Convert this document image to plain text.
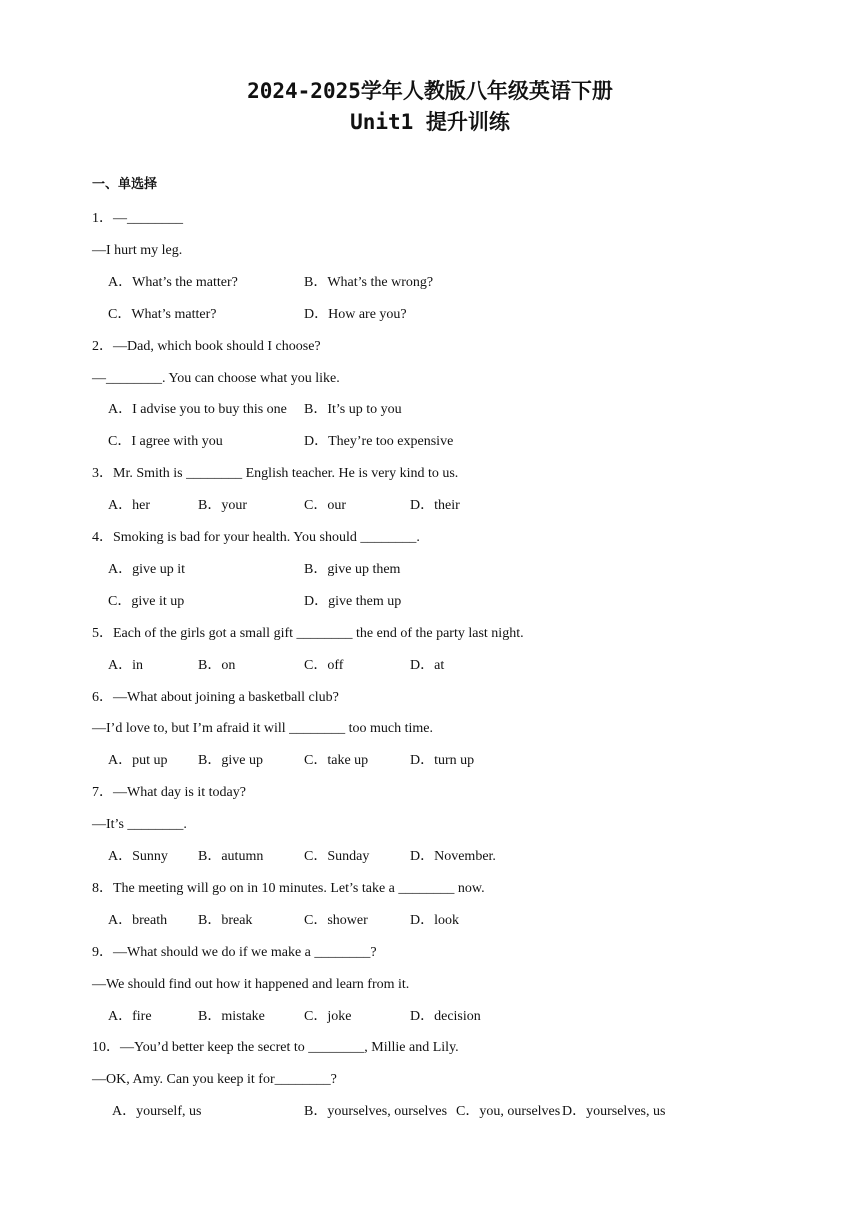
2024-2025学年人教版八年级英语下册
Unit1 提升训练
一、单选择
1．—________
—I hurt my leg.
A．What’s the matter?	B．What’s the wrong?
C．What’s matter?	D．How are you?
2．—Dad, which book should I choose?
—________. You can choose what you like.
A．I advise you to buy this one B．It’s up to you
C．I agree with you	D．They’re too expensive
3．Mr. Smith is ________ English teacher. He is very kind to us.
A．her	B．your	C．our	D．their
4．Smoking is bad for your health. You should ________.
A．give up it	B．give up them
C．give it up	D．give them up
5．Each of the girls got a small gift ________ the end of the party last night.
A．in	B．on	C．off	D．at
6．—What about joining a basketball club?
—I’d love to, but I’m afraid it will ________ too much time.
A．put up B．give up	C．take up	D．turn up
7．—What day is it today?
—It’s ________.
A．Sunny B．autumn	C．Sunday	D．November.
8．The meeting will go on in 10 minutes. Let’s take a ________ now.
A．breath B．break	C．shower	D．look
9．—What should we do if we make a ________?
—We should find out how it happened and learn from it.
A．fire	B．mistake	C．joke	D．decision
10．—You’d better keep the secret to ________, Millie and Lily.
—OK, Amy. Can you keep it for________?
A．yourself, us	B．yourselves, ourselves C．you, ourselves D．yourselves, us
